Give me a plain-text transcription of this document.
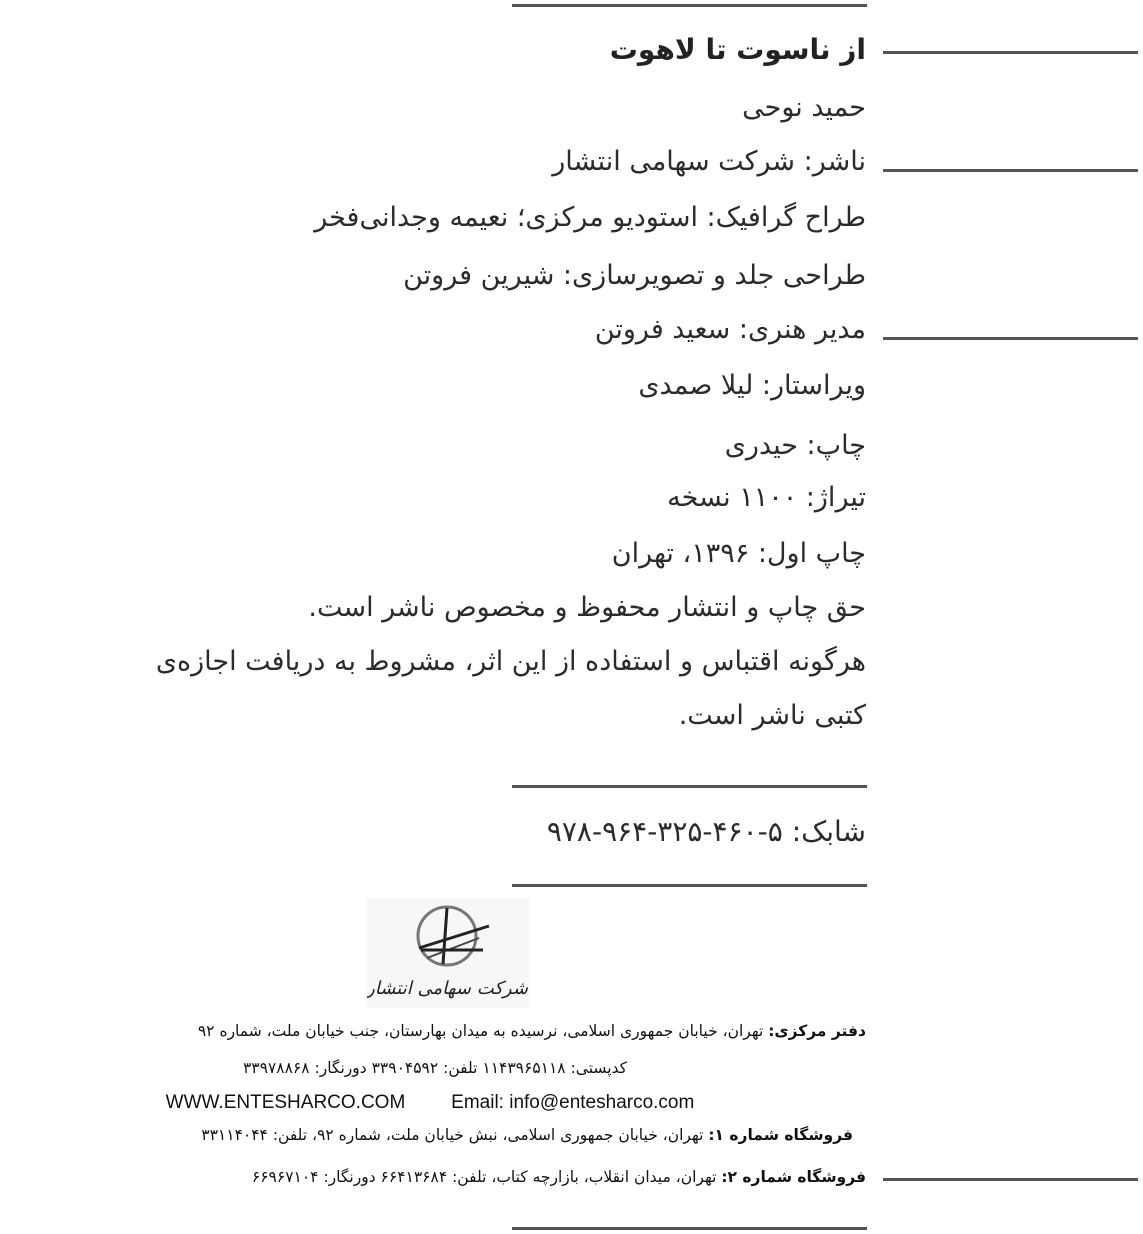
از ناسوت تا لاهوت
حمید نوحی
ناشر: شرکت سهامی انتشار
طراح گرافیک: استودیو مرکزی؛ نعیمه وجدانی‌فخر
طراحی جلد و تصویرسازی: شیرین فروتن
مدیر هنری: سعید فروتن
ویراستار: لیلا صمدی
چاپ: حیدری
تیراژ: ۱۱۰۰ نسخه
چاپ اول: ۱۳۹۶، تهران
حق چاپ و انتشار محفوظ و مخصوص ناشر است.
هرگونه اقتباس و استفاده از این اثر، مشروط به دریافت اجازه‌ی
کتبی ناشر است.
شابک: ۵-۴۶۰-۳۲۵-۹۶۴-۹۷۸
شرکت سهامی انتشار
دفتر مرکزی: تهران، خیابان جمهوری اسلامی، نرسیده به میدان بهارستان، جنب خیابان ملت، شماره ۹۲
کدپستی: ۱۱۴۳۹۶۵۱۱۸ تلفن: ۳۳۹۰۴۵۹۲ دورنگار: ۳۳۹۷۸۸۶۸
WWW.ENTESHARCO.COM Email: info@entesharco.com
فروشگاه شماره ۱: تهران، خیابان جمهوری اسلامی، نبش خیابان ملت، شماره ۹۲، تلفن: ۳۳۱۱۴۰۴۴
فروشگاه شماره ۲: تهران، میدان انقلاب، بازارچه کتاب، تلفن: ۶۶۴۱۳۶۸۴ دورنگار: ۶۶۹۶۷۱۰۴
